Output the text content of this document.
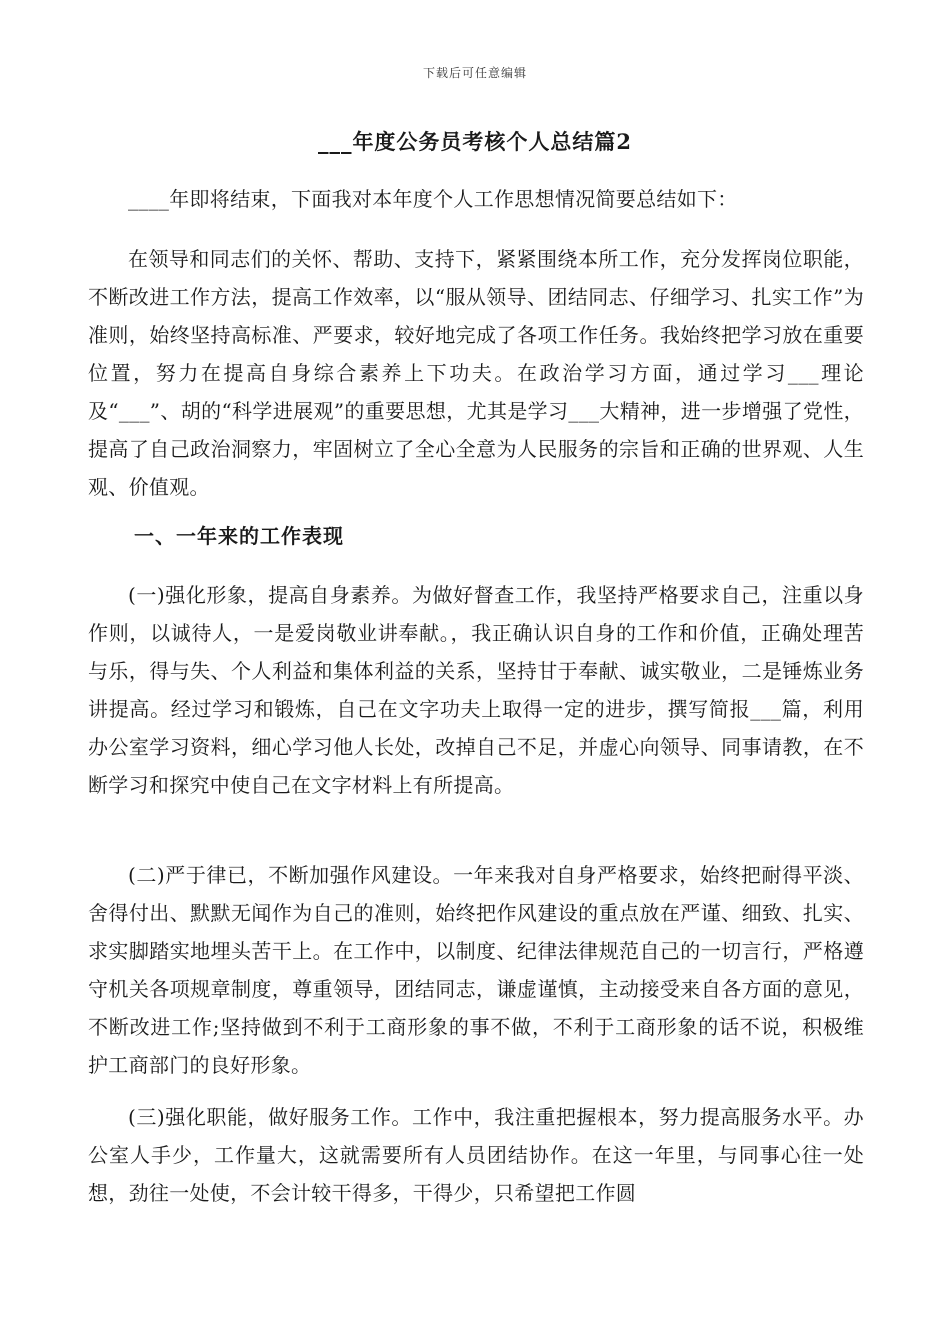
下载后可任意编辑
___年度公务员考核个人总结篇2

____年即将结束，下面我对本年度个人工作思想情况简要总结如下：

在领导和同志们的关怀、帮助、支持下，紧紧围绕本所工作，充分发挥岗位职能，不断改进工作方法，提高工作效率，以“服从领导、团结同志、仔细学习、扎实工作”为准则，始终坚持高标准、严要求，较好地完成了各项工作任务。我始终把学习放在重要位置，努力在提高自身综合素养上下功夫。在政治学习方面，通过学习___理论及“___”、胡的“科学进展观”的重要思想，尤其是学习___大精神，进一步增强了党性，提高了自己政治洞察力，牢固树立了全心全意为人民服务的宗旨和正确的世界观、人生观、价值观。

一、一年来的工作表现

(一)强化形象，提高自身素养。为做好督查工作，我坚持严格要求自己，注重以身作则，以诚待人，一是爱岗敬业讲奉献。，我正确认识自身的工作和价值，正确处理苦与乐，得与失、个人利益和集体利益的关系，坚持甘于奉献、诚实敬业，二是锤炼业务讲提高。经过学习和锻炼，自己在文字功夫上取得一定的进步，撰写简报___篇，利用办公室学习资料，细心学习他人长处，改掉自己不足，并虚心向领导、同事请教，在不断学习和探究中使自己在文字材料上有所提高。

(二)严于律已，不断加强作风建设。一年来我对自身严格要求，始终把耐得平淡、舍得付出、默默无闻作为自己的准则，始终把作风建设的重点放在严谨、细致、扎实、求实脚踏实地埋头苦干上。在工作中，以制度、纪律法律规范自己的一切言行，严格遵守机关各项规章制度，尊重领导，团结同志，谦虚谨慎，主动接受来自各方面的意见，不断改进工作;坚持做到不利于工商形象的事不做，不利于工商形象的话不说，积极维护工商部门的良好形象。

(三)强化职能，做好服务工作。工作中，我注重把握根本，努力提高服务水平。办公室人手少，工作量大，这就需要所有人员团结协作。在这一年里，与同事心往一处想，劲往一处使，不会计较干得多，干得少，只希望把工作圆
